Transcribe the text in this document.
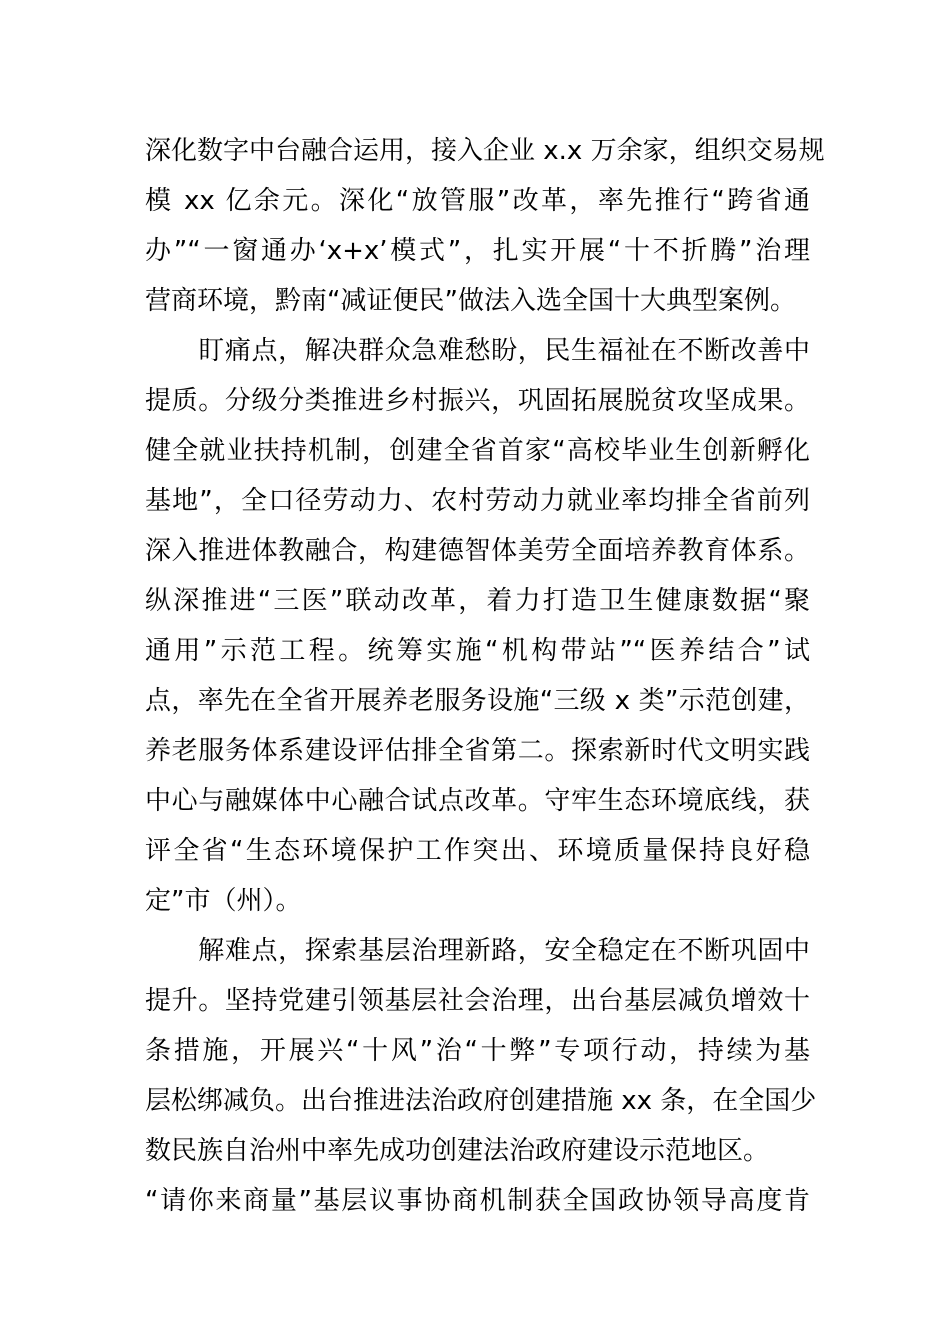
深化数字中台融合运用，接入企业 x.x 万余家，组织交易规
模 xx 亿余元。深化“放管服”改革，率先推行“跨省通
办”“一窗通办‘x+x’模式”，扎实开展“十不折腾”治理
营商环境，黔南“减证便民”做法入选全国十大典型案例。
　　盯痛点，解决群众急难愁盼，民生福祉在不断改善中
提质。分级分类推进乡村振兴，巩固拓展脱贫攻坚成果。
健全就业扶持机制，创建全省首家“高校毕业生创新孵化
基地”，全口径劳动力、农村劳动力就业率均排全省前列
深入推进体教融合，构建德智体美劳全面培养教育体系。
纵深推进“三医”联动改革，着力打造卫生健康数据“聚
通用”示范工程。统筹实施“机构带站”“医养结合”试
点，率先在全省开展养老服务设施“三级 x 类”示范创建，
养老服务体系建设评估排全省第二。探索新时代文明实践
中心与融媒体中心融合试点改革。守牢生态环境底线，获
评全省“生态环境保护工作突出、环境质量保持良好稳
定”市（州）。
　　解难点，探索基层治理新路，安全稳定在不断巩固中
提升。坚持党建引领基层社会治理，出台基层减负增效十
条措施，开展兴“十风”治“十弊”专项行动，持续为基
层松绑减负。出台推进法治政府创建措施 xx 条，在全国少
数民族自治州中率先成功创建法治政府建设示范地区。
“请你来商量”基层议事协商机制获全国政协领导高度肯
